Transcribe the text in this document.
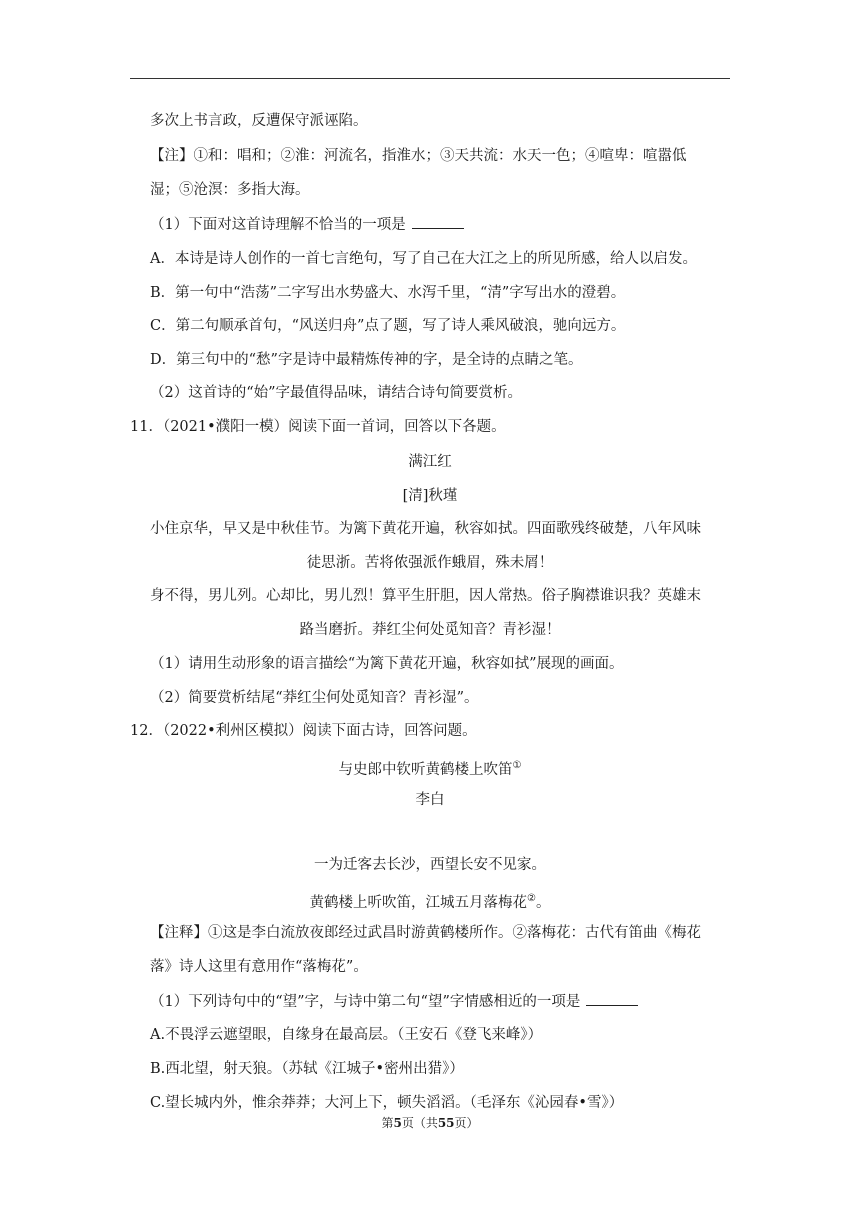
多次上书言政，反遭保守派诬陷。
【注】①和：唱和；②淮：河流名，指淮水；③天共流：水天一色；④喧卑：喧嚣低
湿；⑤沧溟：多指大海。
（1）下面对这首诗理解不恰当的一项是
A．本诗是诗人创作的一首七言绝句，写了自己在大江之上的所见所感，给人以启发。
B．第一句中“浩荡”二字写出水势盛大、水泻千里，“清”字写出水的澄碧。
C．第二句顺承首句，“风送归舟”点了题，写了诗人乘风破浪，驰向远方。
D．第三句中的“愁”字是诗中最精炼传神的字，是全诗的点睛之笔。
（2）这首诗的“始”字最值得品味，请结合诗句简要赏析。
11．（2021•濮阳一模）阅读下面一首词，回答以下各题。
满江红
[清]秋瑾
小住京华，早又是中秋佳节。为篱下黄花开遍，秋容如拭。四面歌残终破楚，八年风味
徒思浙。苦将侬强派作蛾眉，殊未屑！
身不得，男儿列。心却比，男儿烈！算平生肝胆，因人常热。俗子胸襟谁识我？英雄末
路当磨折。莽红尘何处觅知音？青衫湿！
（1）请用生动形象的语言描绘“为篱下黄花开遍，秋容如拭”展现的画面。
（2）简要赏析结尾“莽红尘何处觅知音？青衫湿”。
12．（2022•利州区模拟）阅读下面古诗，回答问题。
与史郎中钦听黄鹤楼上吹笛①
李白
一为迁客去长沙，西望长安不见家。
黄鹤楼上听吹笛，江城五月落梅花②。
【注释】①这是李白流放夜郎经过武昌时游黄鹤楼所作。②落梅花：古代有笛曲《梅花
落》诗人这里有意用作“落梅花”。
（1）下列诗句中的“望”字，与诗中第二句“望”字情感相近的一项是
A.不畏浮云遮望眼，自缘身在最高层。（王安石《登飞来峰》）
B.西北望，射天狼。（苏轼《江城子•密州出猎》）
C.望长城内外，惟余莽莽；大河上下，顿失滔滔。（毛泽东《沁园春•雪》）
第5页（共55页）
